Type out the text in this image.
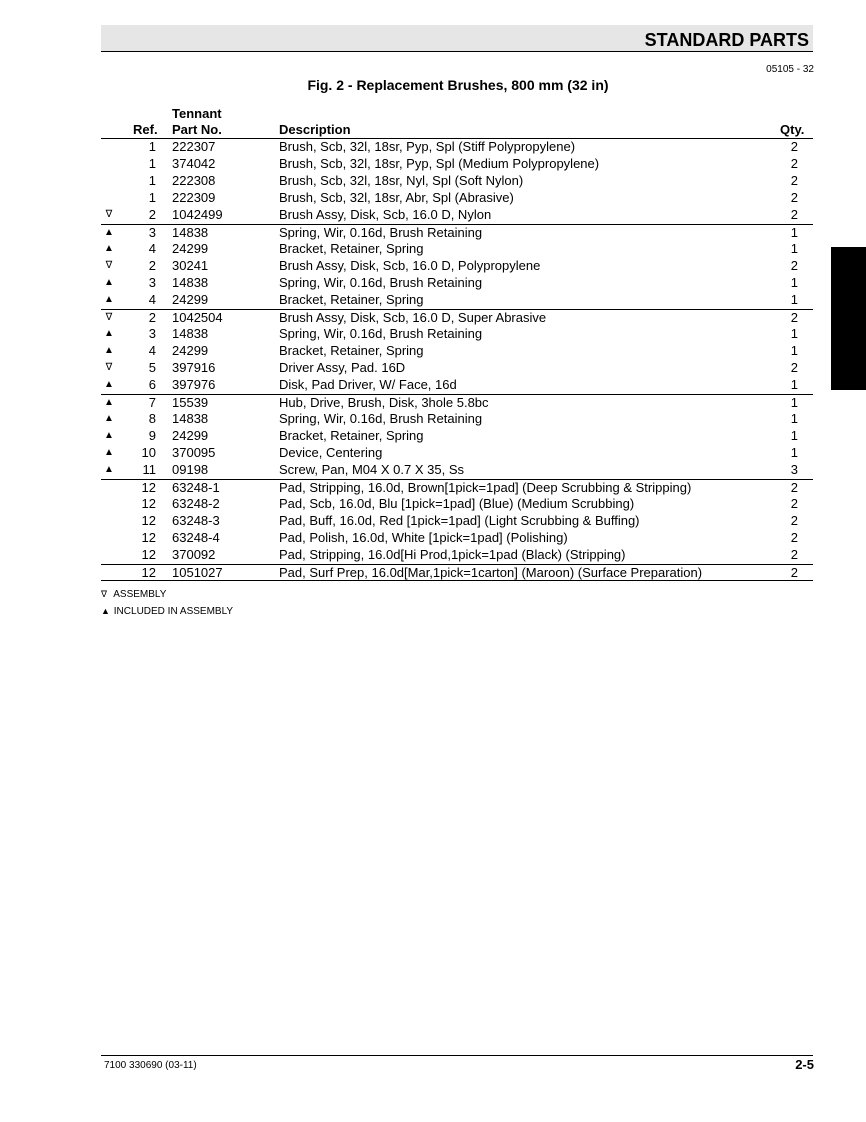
STANDARD PARTS
05105 - 32
Fig. 2 - Replacement Brushes, 800 mm (32 in)
Tennant
Ref. Part No.	Description	Qty.
1 222307	Brush, Scb, 32l, 18sr, Pyp, Spl (Stiff Polypropylene)	2
1 374042	Brush, Scb, 32l, 18sr, Pyp, Spl (Medium Polypropylene)	2
1 222308	Brush, Scb, 32l, 18sr, Nyl, Spl (Soft Nylon)	2
1 222309	Brush, Scb, 32l, 18sr, Abr, Spl (Abrasive)	2
∇	2 1042499	Brush Assy, Disk, Scb, 16.0 D, Nylon	2
▲	3 14838	Spring, Wir, 0.16d, Brush Retaining	1
▲	4 24299	Bracket, Retainer, Spring	1
∇	2 30241	Brush Assy, Disk, Scb, 16.0 D, Polypropylene	2
▲	3 14838	Spring, Wir, 0.16d, Brush Retaining	1
▲	4 24299	Bracket, Retainer, Spring	1
∇	2 1042504	Brush Assy, Disk, Scb, 16.0 D, Super Abrasive	2
▲	3 14838	Spring, Wir, 0.16d, Brush Retaining	1
▲	4 24299	Bracket, Retainer, Spring	1
∇	5 397916	Driver Assy, Pad. 16D	2
▲	6 397976	Disk, Pad Driver, W/ Face, 16d	1
▲	7 15539	Hub, Drive, Brush, Disk, 3hole 5.8bc	1
▲	8 14838	Spring, Wir, 0.16d, Brush Retaining	1
▲	9 24299	Bracket, Retainer, Spring	1
▲ 10 370095	Device, Centering	1
▲ 11 09198	Screw, Pan, M04 X 0.7 X 35, Ss	3
12 63248-1	Pad, Stripping, 16.0d, Brown[1pick=1pad] (Deep Scrubbing & Stripping)	2
12 63248-2	Pad, Scb, 16.0d, Blu [1pick=1pad] (Blue) (Medium Scrubbing)	2
12 63248-3	Pad, Buff, 16.0d, Red [1pick=1pad] (Light Scrubbing & Buffing)	2
12 63248-4	Pad, Polish, 16.0d, White [1pick=1pad] (Polishing)	2
12 370092	Pad, Stripping, 16.0d[Hi Prod,1pick=1pad (Black) (Stripping)	2
12 1051027	Pad, Surf Prep, 16.0d[Mar,1pick=1carton] (Maroon) (Surface Preparation)	2
∇ ASSEMBLY
▲ INCLUDED IN ASSEMBLY
7100 330690 (03-11)	2-5
